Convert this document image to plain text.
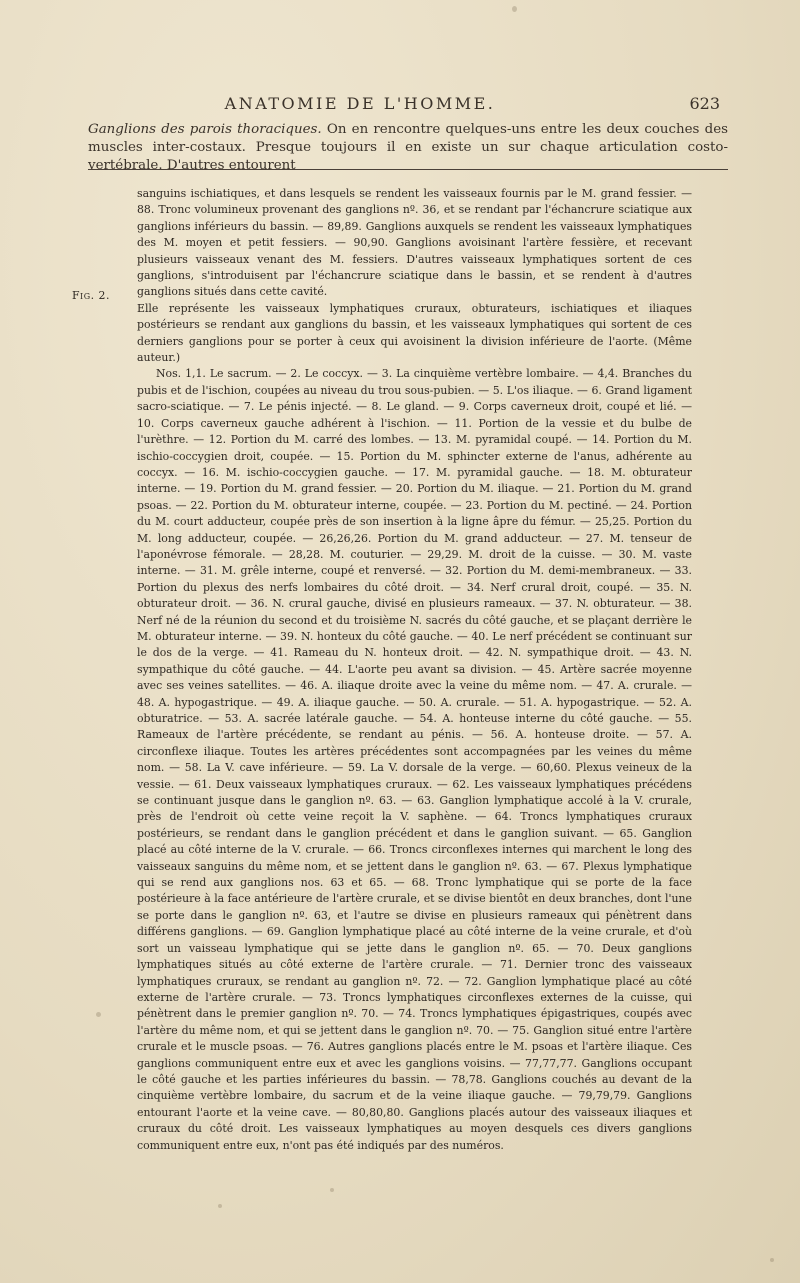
ANATOMIE DE L'HOMME.	623
Ganglions des parois thoraciques. On en rencontre quelques-uns entre les deux couches des muscles inter-costaux. Presque toujours il en existe un sur chaque articulation costo-vertébrale. D'autres entourent
Fig. 2.

sanguins ischiatiques, et dans lesquels se rendent les vaisseaux fournis par le M. grand fessier. — 88. Tronc volumineux provenant des ganglions nº. 36, et se rendant par l'échancrure sciatique aux ganglions inférieurs du bassin. — 89,89. Ganglions auxquels se rendent les vaisseaux lymphatiques des M. moyen et petit fessiers. — 90,90. Ganglions avoisinant l'artère fessière, et recevant plusieurs vaisseaux venant des M. fessiers. D'autres vaisseaux lymphatiques sortent de ces ganglions, s'introduisent par l'échancrure sciatique dans le bassin, et se rendent à d'autres ganglions situés dans cette cavité.

Elle représente les vaisseaux lymphatiques cruraux, obturateurs, ischiatiques et iliaques postérieurs se rendant aux ganglions du bassin, et les vaisseaux lymphatiques qui sortent de ces derniers ganglions pour se porter à ceux qui avoisinent la division inférieure de l'aorte. (Même auteur.)

Nos. 1,1. Le sacrum. — 2. Le coccyx. — 3. La cinquième vertèbre lombaire. — 4,4. Branches du pubis et de l'ischion, coupées au niveau du trou sous-pubien. — 5. L'os iliaque. — 6. Grand ligament sacro-sciatique. — 7. Le pénis injecté. — 8. Le gland. — 9. Corps caverneux droit, coupé et lié. — 10. Corps caverneux gauche adhérent à l'ischion. — 11. Portion de la vessie et du bulbe de l'urèthre. — 12. Portion du M. carré des lombes. — 13. M. pyramidal coupé. — 14. Portion du M. ischio-coccygien droit, coupée. — 15. Portion du M. sphincter externe de l'anus, adhérente au coccyx. — 16. M. ischio-coccygien gauche. — 17. M. pyramidal gauche. — 18. M. obturateur interne. — 19. Portion du M. grand fessier. — 20. Portion du M. iliaque. — 21. Portion du M. grand psoas. — 22. Portion du M. obturateur interne, coupée. — 23. Portion du M. pectiné. — 24. Portion du M. court adducteur, coupée près de son insertion à la ligne âpre du fémur. — 25,25. Portion du M. long adducteur, coupée. — 26,26,26. Portion du M. grand adducteur. — 27. M. tenseur de l'aponévrose fémorale. — 28,28. M. couturier. — 29,29. M. droit de la cuisse. — 30. M. vaste interne. — 31. M. grêle interne, coupé et renversé. — 32. Portion du M. demi-membraneux. — 33. Portion du plexus des nerfs lombaires du côté droit. — 34. Nerf crural droit, coupé. — 35. N. obturateur droit. — 36. N. crural gauche, divisé en plusieurs rameaux. — 37. N. obturateur. — 38. Nerf né de la réunion du second et du troisième N. sacrés du côté gauche, et se plaçant derrière le M. obturateur interne. — 39. N. honteux du côté gauche. — 40. Le nerf précédent se continuant sur le dos de la verge. — 41. Rameau du N. honteux droit. — 42. N. sympathique droit. — 43. N. sympathique du côté gauche. — 44. L'aorte peu avant sa division. — 45. Artère sacrée moyenne avec ses veines satellites. — 46. A. iliaque droite avec la veine du même nom. — 47. A. crurale. — 48. A. hypogastrique. — 49. A. iliaque gauche. — 50. A. crurale. — 51. A. hypogastrique. — 52. A. obturatrice. — 53. A. sacrée latérale gauche. — 54. A. honteuse interne du côté gauche. — 55. Rameaux de l'artère précédente, se rendant au pénis. — 56. A. honteuse droite. — 57. A. circonflexe iliaque. Toutes les artères précédentes sont accompagnées par les veines du même nom. — 58. La V. cave inférieure. — 59. La V. dorsale de la verge. — 60,60. Plexus veineux de la vessie. — 61. Deux vaisseaux lymphatiques cruraux. — 62. Les vaisseaux lymphatiques précédens se continuant jusque dans le ganglion nº. 63. — 63. Ganglion lymphatique accolé à la V. crurale, près de l'endroit où cette veine reçoit la V. saphène. — 64. Troncs lymphatiques cruraux postérieurs, se rendant dans le ganglion précédent et dans le ganglion suivant. — 65. Ganglion placé au côté interne de la V. crurale. — 66. Troncs circonflexes internes qui marchent le long des vaisseaux sanguins du même nom, et se jettent dans le ganglion nº. 63. — 67. Plexus lymphatique qui se rend aux ganglions nos. 63 et 65. — 68. Tronc lymphatique qui se porte de la face postérieure à la face antérieure de l'artère crurale, et se divise bientôt en deux branches, dont l'une se porte dans le ganglion nº. 63, et l'autre se divise en plusieurs rameaux qui pénètrent dans différens ganglions. — 69. Ganglion lymphatique placé au côté interne de la veine crurale, et d'où sort un vaisseau lymphatique qui se jette dans le ganglion nº. 65. — 70. Deux ganglions lymphatiques situés au côté externe de l'artère crurale. — 71. Dernier tronc des vaisseaux lymphatiques cruraux, se rendant au ganglion nº. 72. — 72. Ganglion lymphatique placé au côté externe de l'artère crurale. — 73. Troncs lymphatiques circonflexes externes de la cuisse, qui pénètrent dans le premier ganglion nº. 70. — 74. Troncs lymphatiques épigastriques, coupés avec l'artère du même nom, et qui se jettent dans le ganglion nº. 70. — 75. Ganglion situé entre l'artère crurale et le muscle psoas. — 76. Autres ganglions placés entre le M. psoas et l'artère iliaque. Ces ganglions communiquent entre eux et avec les ganglions voisins. — 77,77,77. Ganglions occupant le côté gauche et les parties inférieures du bassin. — 78,78. Ganglions couchés au devant de la cinquième vertèbre lombaire, du sacrum et de la veine iliaque gauche. — 79,79,79. Ganglions entourant l'aorte et la veine cave. — 80,80,80. Ganglions placés autour des vaisseaux iliaques et cruraux du côté droit. Les vaisseaux lymphatiques au moyen desquels ces divers ganglions communiquent entre eux, n'ont pas été indiqués par des numéros.
